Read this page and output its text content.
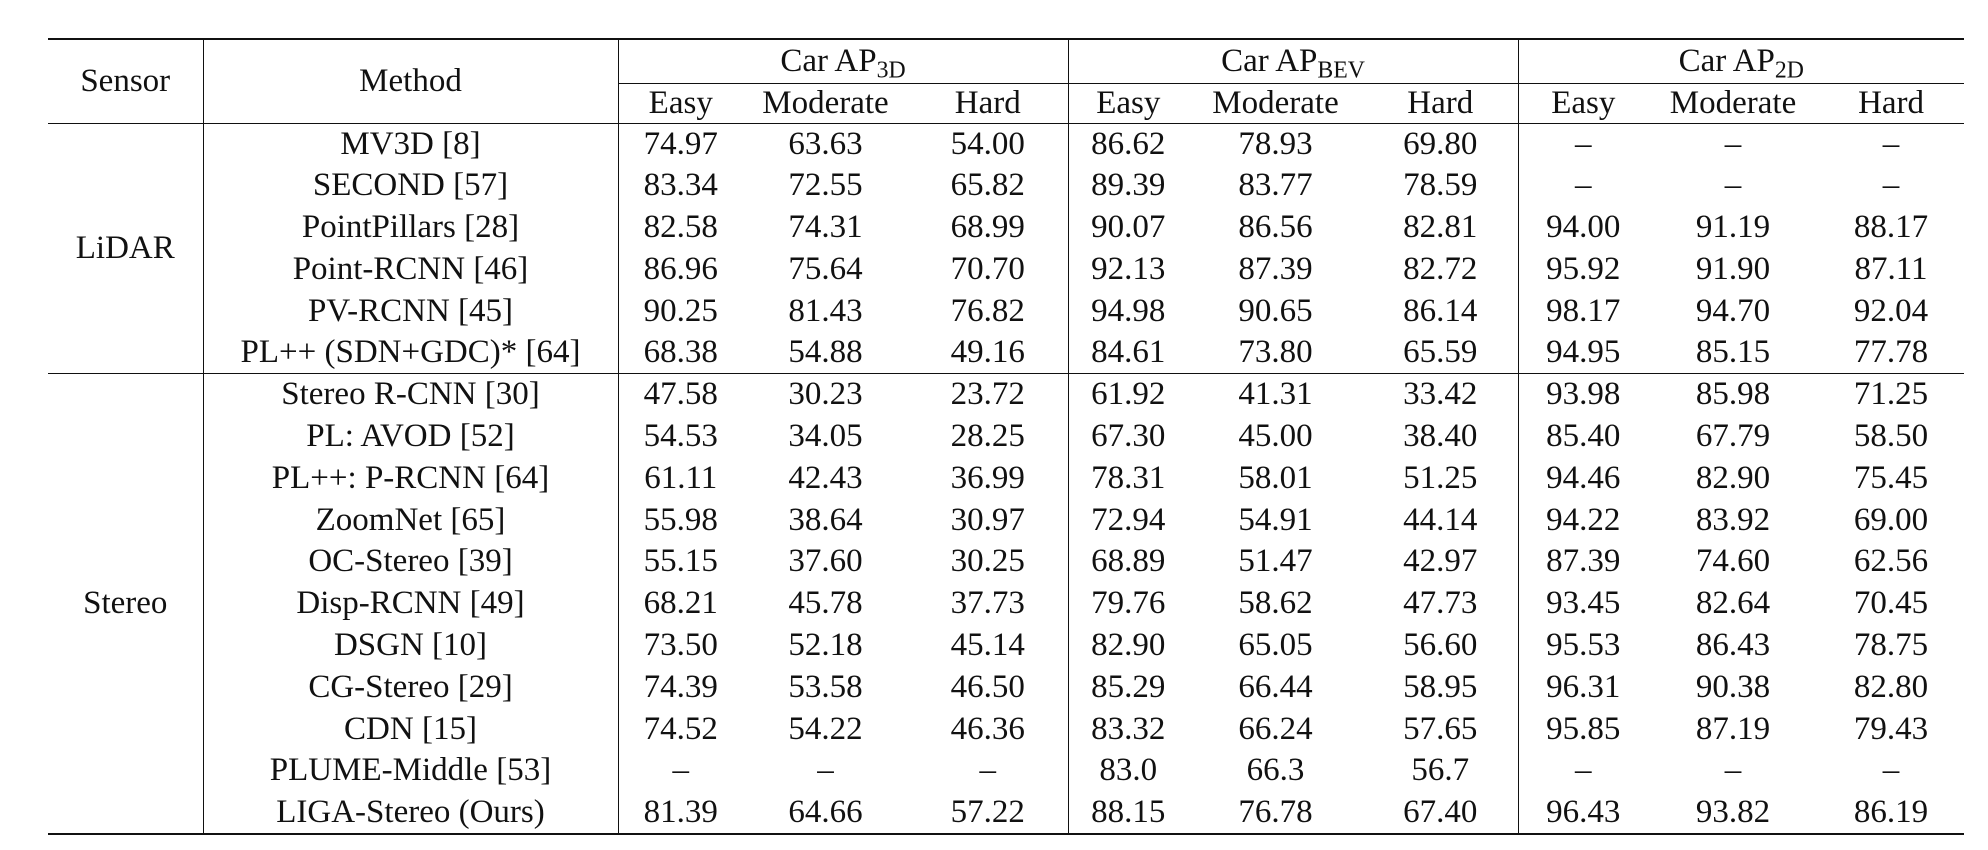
Sensor	Method	Car $AP_{3D}$			Car $AP_{BEV}$			Car $AP_{2D}$
		Easy	Moderate	Hard	Easy	Moderate	Hard	Easy	Moderate	Hard
LiDAR	MV3D [8]	74.97	63.63	54.00	86.62	78.93	69.80	–	–	–
	SECOND [57]	83.34	72.55	65.82	89.39	83.77	78.59	–	–	–
	PointPillars [28]	82.58	74.31	68.99	90.07	86.56	82.81	94.00	91.19	88.17
	Point-RCNN [46]	86.96	75.64	70.70	92.13	87.39	82.72	95.92	91.90	87.11
	PV-RCNN [45]	90.25	81.43	76.82	94.98	90.65	86.14	98.17	94.70	92.04
	PL++ (SDN+GDC)* [64]	68.38	54.88	49.16	84.61	73.80	65.59	94.95	85.15	77.78
Stereo	Stereo R-CNN [30]	47.58	30.23	23.72	61.92	41.31	33.42	93.98	85.98	71.25
	PL: AVOD [52]	54.53	34.05	28.25	67.30	45.00	38.40	85.40	67.79	58.50
	PL++: P-RCNN [64]	61.11	42.43	36.99	78.31	58.01	51.25	94.46	82.90	75.45
	ZoomNet [65]	55.98	38.64	30.97	72.94	54.91	44.14	94.22	83.92	69.00
	OC-Stereo [39]	55.15	37.60	30.25	68.89	51.47	42.97	87.39	74.60	62.56
	Disp-RCNN [49]	68.21	45.78	37.73	79.76	58.62	47.73	93.45	82.64	70.45
	DSGN [10]	73.50	52.18	45.14	82.90	65.05	56.60	95.53	86.43	78.75
	CG-Stereo [29]	74.39	53.58	46.50	85.29	66.44	58.95	96.31	90.38	82.80
	CDN [15]	74.52	54.22	46.36	83.32	66.24	57.65	95.85	87.19	79.43
	PLUME-Middle [53]	–	–	–	83.0	66.3	56.7	–	–	–
	LIGA-Stereo (Ours)	81.39	64.66	57.22	88.15	76.78	67.40	96.43	93.82	86.19
